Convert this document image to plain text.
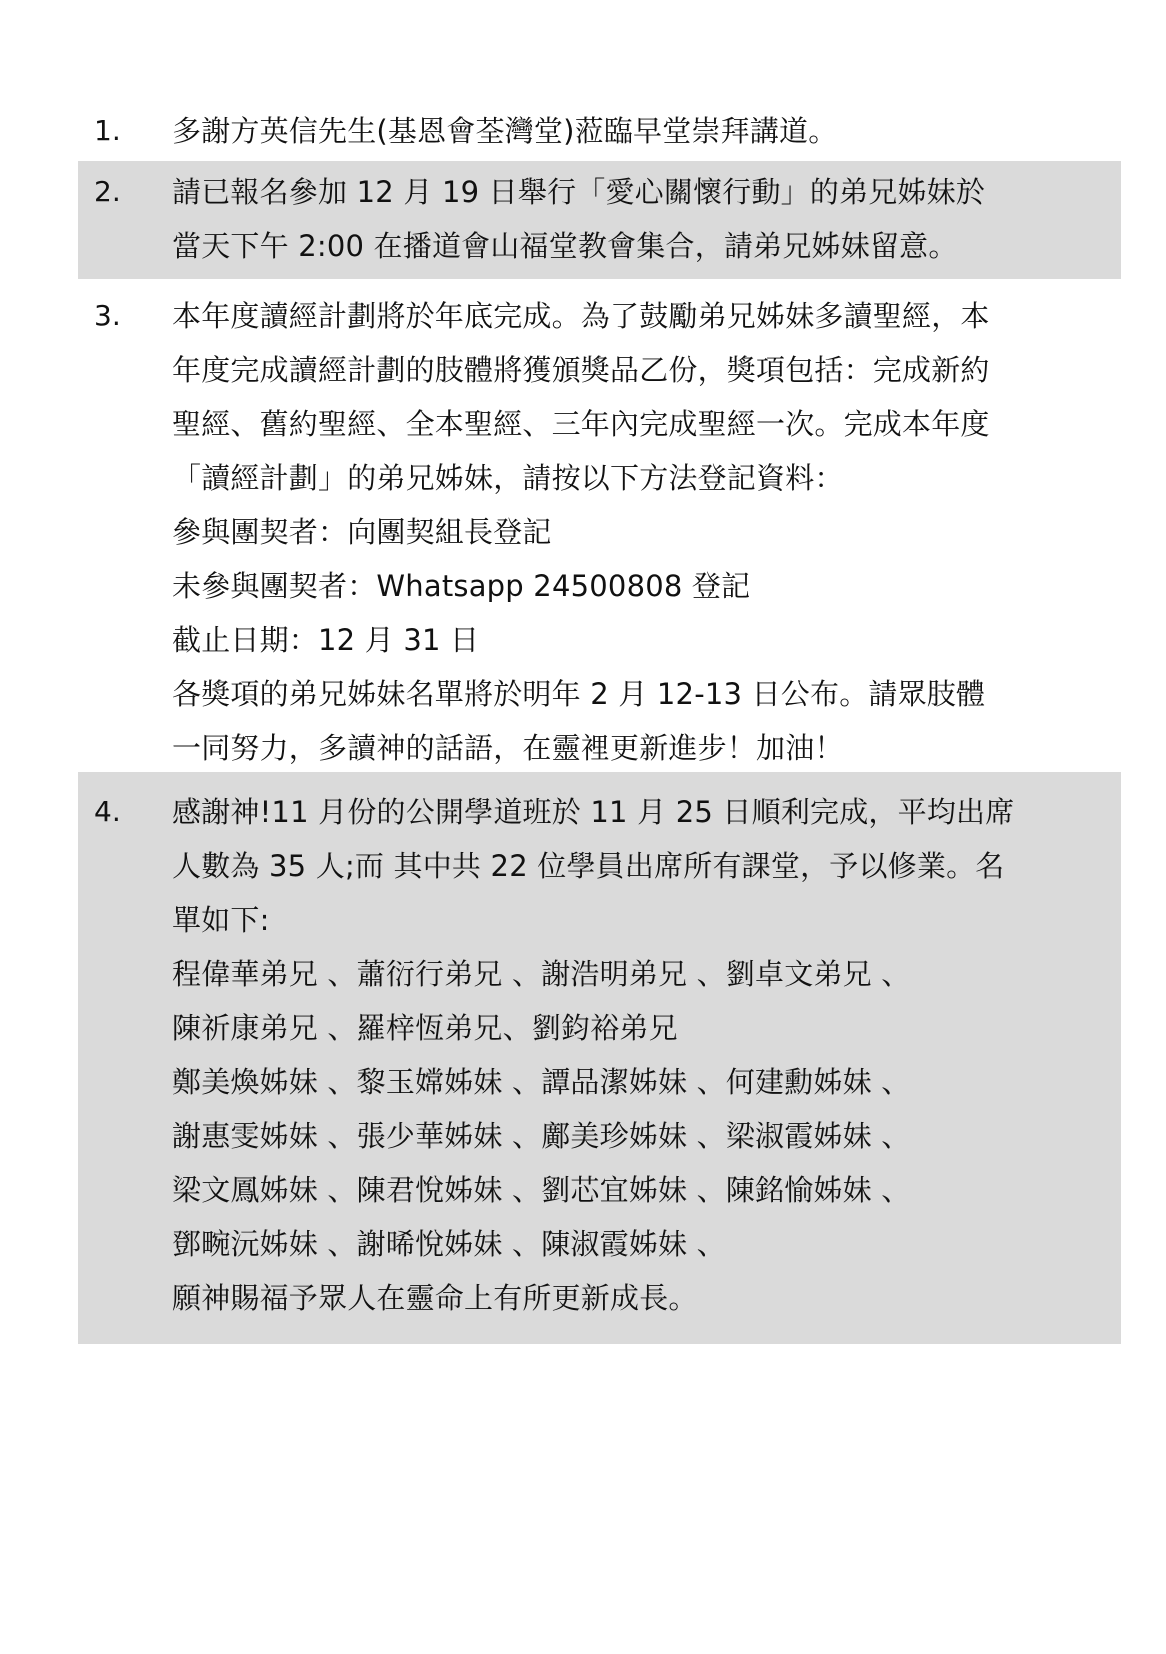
1. 多謝方英信先生(基恩會荃灣堂)蒞臨早堂崇拜講道。
2. 請已報名參加 12 月 19 日舉行「愛心關懷行動」的弟兄姊妹於
當天下午 2:00 在播道會山福堂教會集合，請弟兄姊妹留意。
3. 本年度讀經計劃將於年底完成。為了鼓勵弟兄姊妹多讀聖經，本
年度完成讀經計劃的肢體將獲頒獎品乙份，獎項包括：完成新約
聖經、舊約聖經、全本聖經、三年內完成聖經一次。完成本年度
「讀經計劃」的弟兄姊妹，請按以下方法登記資料：
參與團契者：向團契組長登記
未參與團契者：Whatsapp 24500808 登記
截止日期：12 月 31 日
各獎項的弟兄姊妹名單將於明年 2 月 12-13 日公布。請眾肢體
一同努力，多讀神的話語，在靈裡更新進步！加油！
4. 感謝神!11 月份的公開學道班於 11 月 25 日順利完成，平均出席
人數為 35 人;而 其中共 22 位學員出席所有課堂，予以修業。名
單如下:
程偉華弟兄 、蕭衍行弟兄 、謝浩明弟兄 、劉卓文弟兄 、
陳祈康弟兄 、羅梓恆弟兄、劉鈞裕弟兄
鄭美煥姊妹 、黎玉嫦姊妹 、譚品潔姊妹 、何建勳姊妹 、
謝惠雯姊妹 、張少華姊妹 、鄺美珍姊妹 、梁淑霞姊妹 、
梁文鳳姊妹 、陳君悅姊妹 、劉芯宜姊妹 、陳銘愉姊妹 、
鄧畹沅姊妹 、謝晞悅姊妹 、陳淑霞姊妹 、
願神賜福予眾人在靈命上有所更新成長。
